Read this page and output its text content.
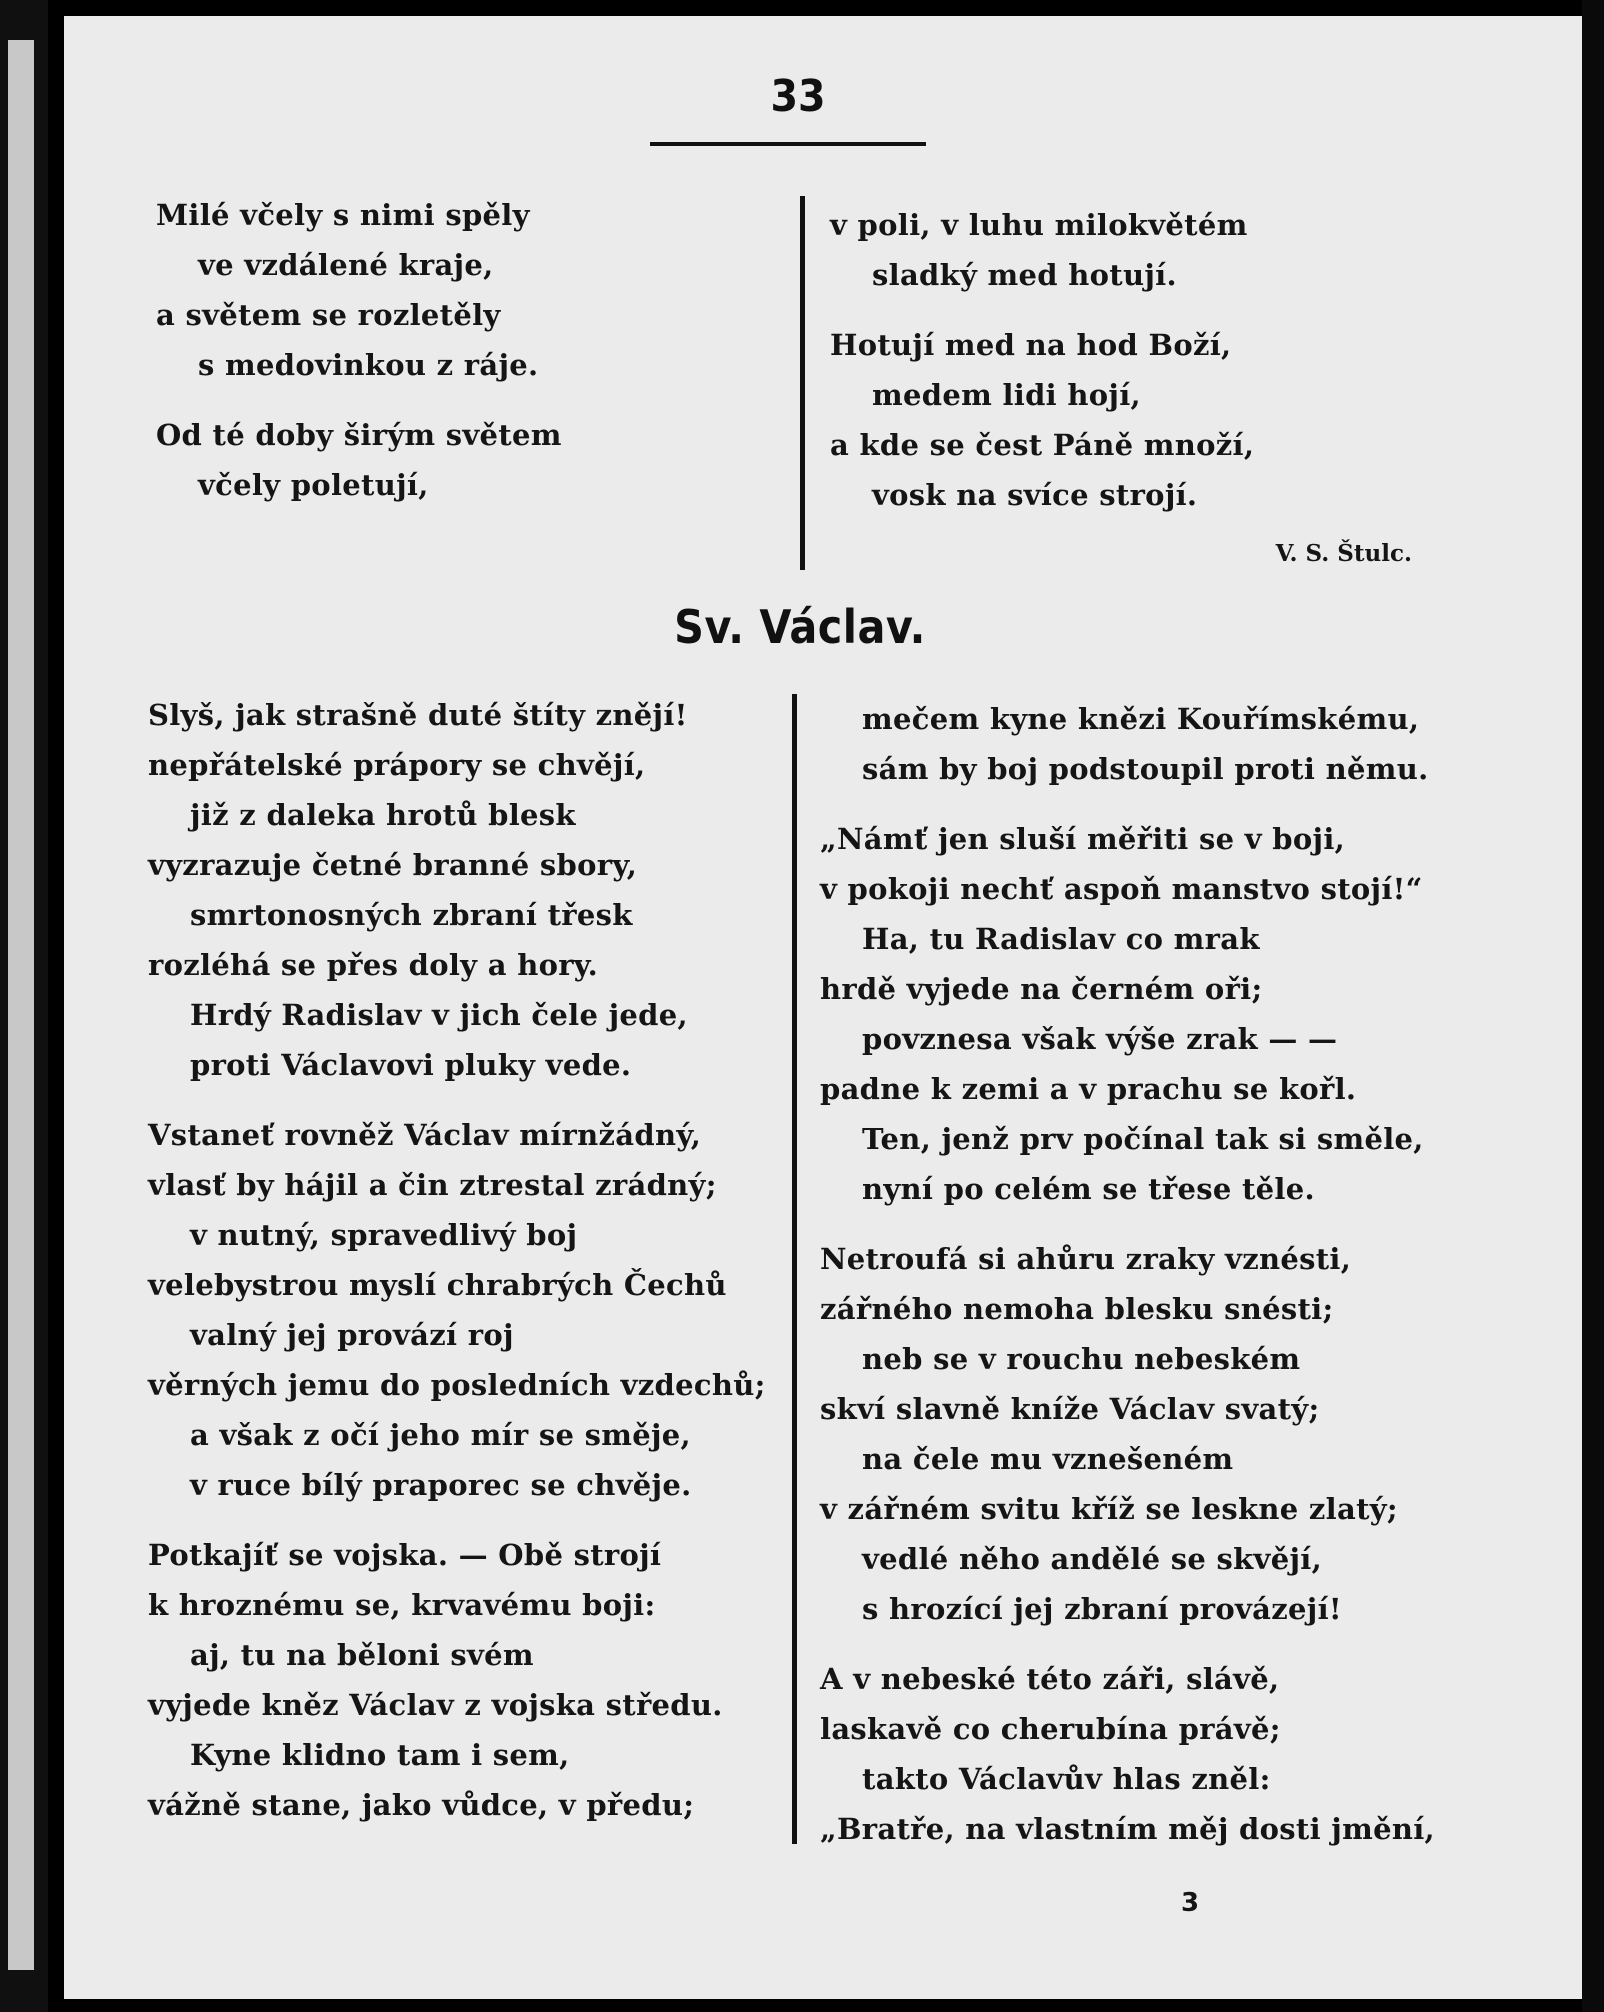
33
Milé včely s nimi spěly
ve vzdálené kraje,
a světem se rozletěly
s medovinkou z ráje.
Od té doby širým světem
včely poletují,
v poli, v luhu milokvětém
sladký med hotují.
Hotují med na hod Boží,
medem lidi hojí,
a kde se čest Páně množí,
vosk na svíce strojí.
V. S. Štulc.
Sv. Václav.
Slyš, jak strašně duté štíty znějí!
nepřátelské prápory se chvějí,
již z daleka hrotů blesk
vyzrazuje četné branné sbory,
smrtonosných zbraní třesk
rozléhá se přes doly a hory.
Hrdý Radislav v jich čele jede,
proti Václavovi pluky vede.
Vstaneť rovněž Václav mírnžádný,
vlasť by hájil a čin ztrestal zrádný;
v nutný, spravedlivý boj
velebystrou myslí chrabrých Čechů
valný jej provází roj
věrných jemu do posledních vzdechů;
a však z očí jeho mír se směje,
v ruce bílý praporec se chvěje.
Potkajíť se vojska. — Obě strojí
k hroznému se, krvavému boji:
aj, tu na běloni svém
vyjede kněz Václav z vojska středu.
Kyne klidno tam i sem,
vážně stane, jako vůdce, v předu;
mečem kyne knězi Kouřímskému,
sám by boj podstoupil proti němu.
„Námť jen sluší měřiti se v boji,
v pokoji nechť aspoň manstvo stojí!“
Ha, tu Radislav co mrak
hrdě vyjede na černém oři;
povznesa však výše zrak — —
padne k zemi a v prachu se kořl.
Ten, jenž prv počínal tak si směle,
nyní po celém se třese těle.
Netroufá si ahůru zraky vznésti,
zářného nemoha blesku snésti;
neb se v rouchu nebeském
skví slavně kníže Václav svatý;
na čele mu vznešeném
v zářném svitu kříž se leskne zlatý;
vedlé něho andělé se skvějí,
s hrozící jej zbraní provázejí!
A v nebeské této záři, slávě,
laskavě co cherubína právě;
takto Václavův hlas zněl:
„Bratře, na vlastním měj dosti jmění,
3
